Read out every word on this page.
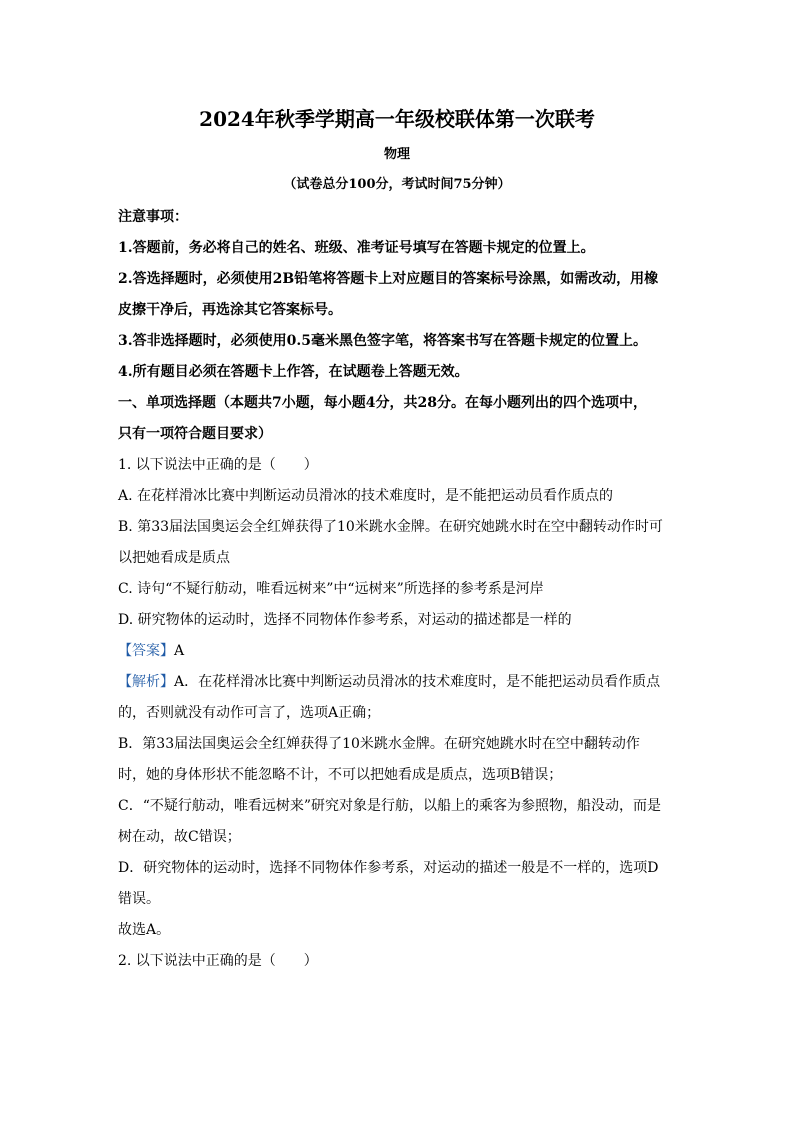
2024年秋季学期高一年级校联体第一次联考
物理
（试卷总分100分，考试时间75分钟）
注意事项：
1.答题前，务必将自己的姓名、班级、准考证号填写在答题卡规定的位置上。
2.答选择题时，必须使用2B铅笔将答题卡上对应题目的答案标号涂黑，如需改动，用橡
皮擦干净后，再选涂其它答案标号。
3.答非选择题时，必须使用0.5毫米黑色签字笔，将答案书写在答题卡规定的位置上。
4.所有题目必须在答题卡上作答，在试题卷上答题无效。
一、单项选择题（本题共7小题，每小题4分，共28分。在每小题列出的四个选项中，
只有一项符合题目要求）
1. 以下说法中正确的是（　　）
A. 在花样滑冰比赛中判断运动员滑冰的技术难度时，是不能把运动员看作质点的
B. 第33届法国奥运会全红婵获得了10米跳水金牌。在研究她跳水时在空中翻转动作时可
以把她看成是质点
C. 诗句“不疑行舫动，唯看远树来”中“远树来”所选择的参考系是河岸
D. 研究物体的运动时，选择不同物体作参考系，对运动的描述都是一样的
【答案】A
【解析】A．在花样滑冰比赛中判断运动员滑冰的技术难度时，是不能把运动员看作质点
的，否则就没有动作可言了，选项A正确；
B．第33届法国奥运会全红婵获得了10米跳水金牌。在研究她跳水时在空中翻转动作
时，她的身体形状不能忽略不计，不可以把她看成是质点，选项B错误；
C．“不疑行舫动，唯看远树来”研究对象是行舫，以船上的乘客为参照物，船没动，而是
树在动，故C错误；
D．研究物体的运动时，选择不同物体作参考系，对运动的描述一般是不一样的，选项D
错误。
故选A。
2. 以下说法中正确的是（　　）
